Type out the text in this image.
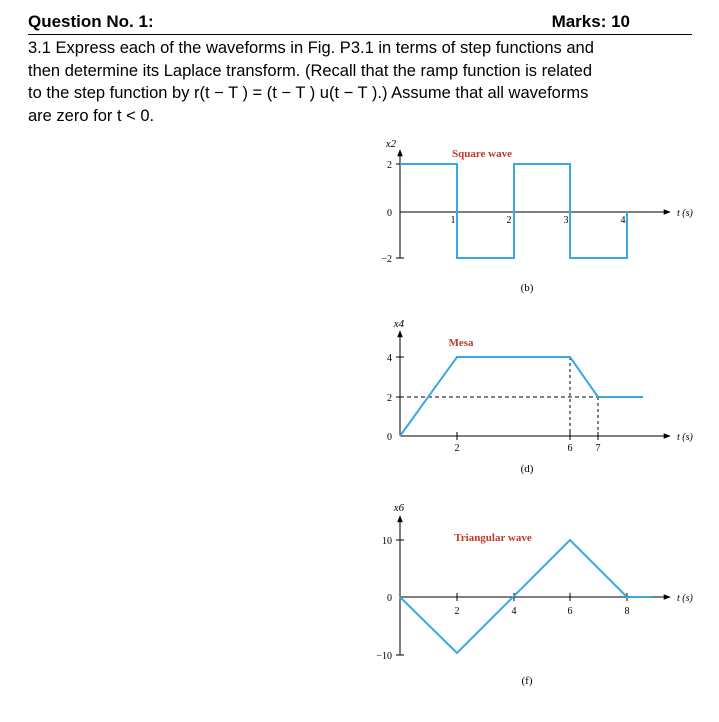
Question No. 1:	Marks: 10

3.1 Express each of the waveforms in Fig. P3.1 in terms of step functions and

then determine its Laplace transform. (Recall that the ramp function is related

to the step function by r(t − T ) = (t − T ) u(t − T ).) Assume that all waveforms

are zero for t < 0.

x2
2
0
−2
1	2	3	4
t (s)
Square wave
(b)
x4
4
2
0
2	6 7
t (s)
Mesa
(d)
x6
10
0
−10
2	4	6	8
t (s)
Triangular wave
(f)
